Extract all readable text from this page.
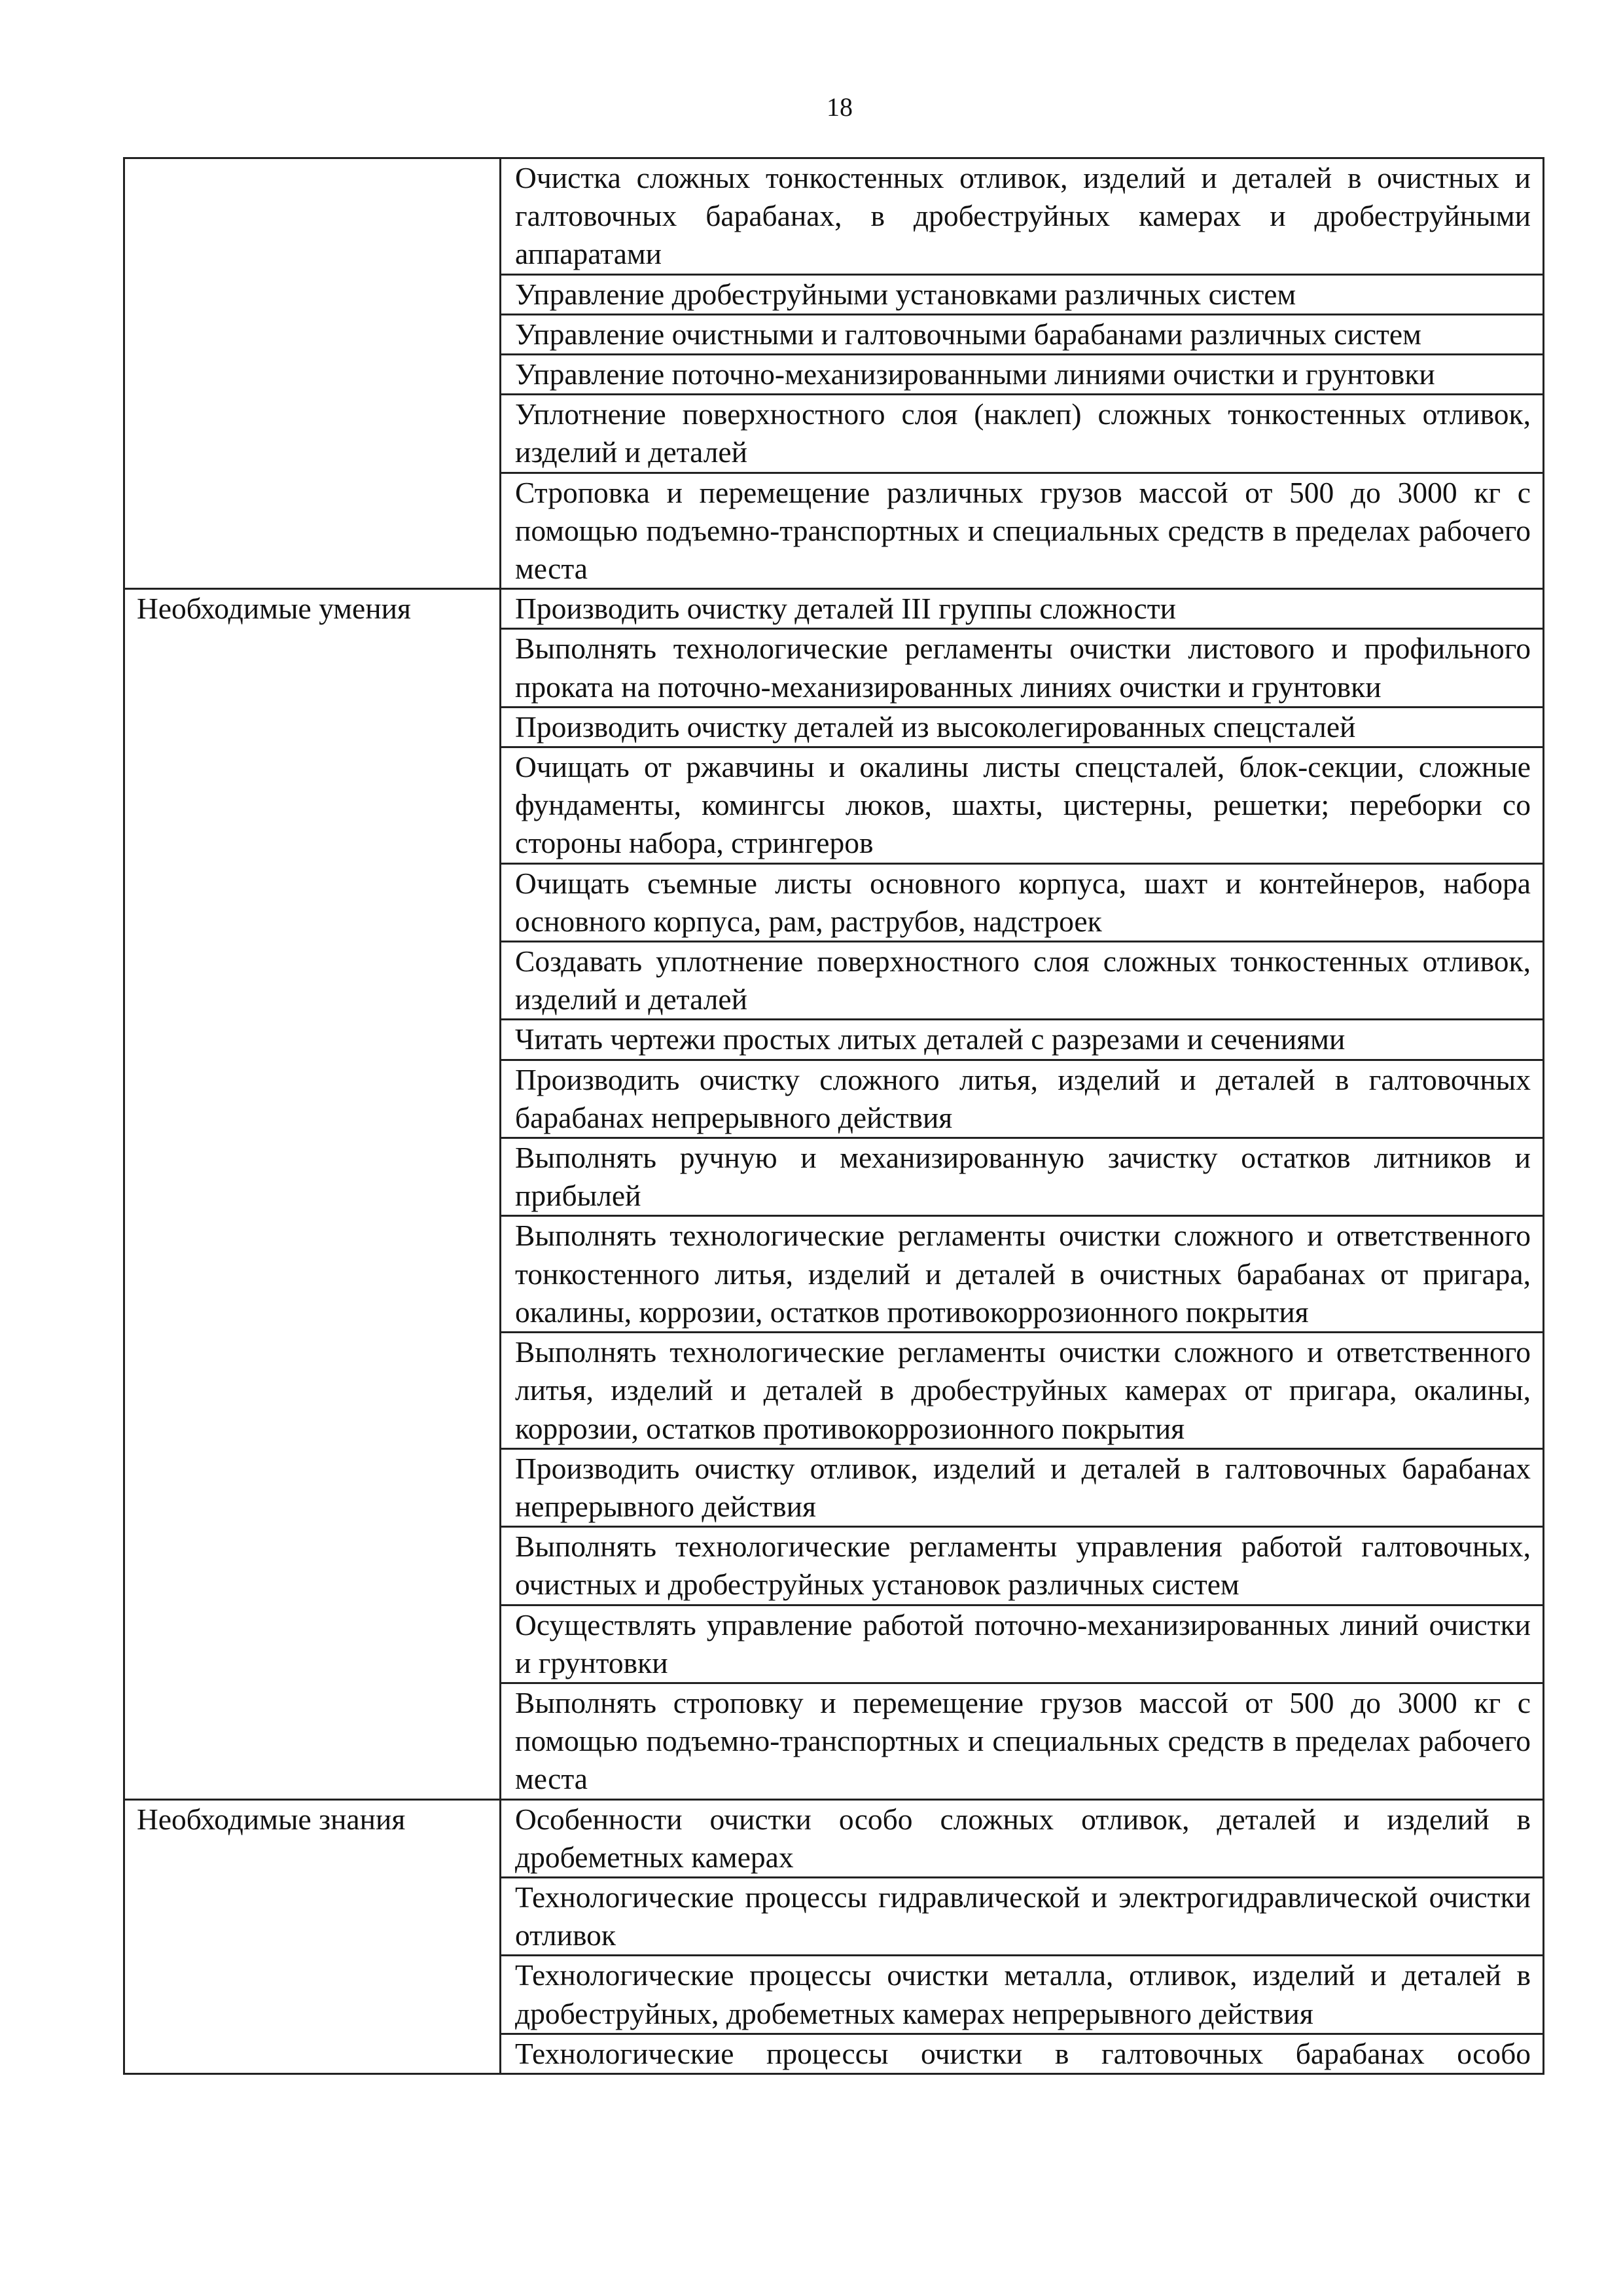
18
	Очистка сложных тонкостенных отливок, изделий и деталей в очистных и галтовочных барабанах, в дробеструйных камерах и дробеструйными аппаратами
	Управление дробеструйными установками различных систем
	Управление очистными и галтовочными барабанами различных систем
	Управление поточно-механизированными линиями очистки и грунтовки
	Уплотнение поверхностного слоя (наклеп) сложных тонкостенных отливок, изделий и деталей
	Строповка и перемещение различных грузов массой от 500 до 3000 кг с помощью подъемно-транспортных и специальных средств в пределах рабочего места
Необходимые умения	Производить очистку деталей III группы сложности
	Выполнять технологические регламенты очистки листового и профильного проката на поточно-механизированных линиях очистки и грунтовки
	Производить очистку деталей из высоколегированных спецсталей
	Очищать от ржавчины и окалины листы спецсталей, блок-секции, сложные фундаменты, комингсы люков, шахты, цистерны, решетки; переборки со стороны набора, стрингеров
	Очищать съемные листы основного корпуса, шахт и контейнеров, набора основного корпуса, рам, раструбов, надстроек
	Создавать уплотнение поверхностного слоя сложных тонкостенных отливок, изделий и деталей
	Читать чертежи простых литых деталей с разрезами и сечениями
	Производить очистку сложного литья, изделий и деталей в галтовочных барабанах непрерывного действия
	Выполнять ручную и механизированную зачистку остатков литников и прибылей
	Выполнять технологические регламенты очистки сложного и ответственного тонкостенного литья, изделий и деталей в очистных барабанах от пригара, окалины, коррозии, остатков противокоррозионного покрытия
	Выполнять технологические регламенты очистки сложного и ответственного литья, изделий и деталей в дробеструйных камерах от пригара, окалины, коррозии, остатков противокоррозионного покрытия
	Производить очистку отливок, изделий и деталей в галтовочных барабанах непрерывного действия
	Выполнять технологические регламенты управления работой галтовочных, очистных и дробеструйных установок различных систем
	Осуществлять управление работой поточно-механизированных линий очистки и грунтовки
	Выполнять строповку и перемещение грузов массой от 500 до 3000 кг с помощью подъемно-транспортных и специальных средств в пределах рабочего места
Необходимые знания	Особенности очистки особо сложных отливок, деталей и изделий в дробеметных камерах
	Технологические процессы гидравлической и электрогидравлической очистки отливок
	Технологические процессы очистки металла, отливок, изделий и деталей в дробеструйных, дробеметных камерах непрерывного действия
	Технологические процессы очистки в галтовочных барабанах особо
